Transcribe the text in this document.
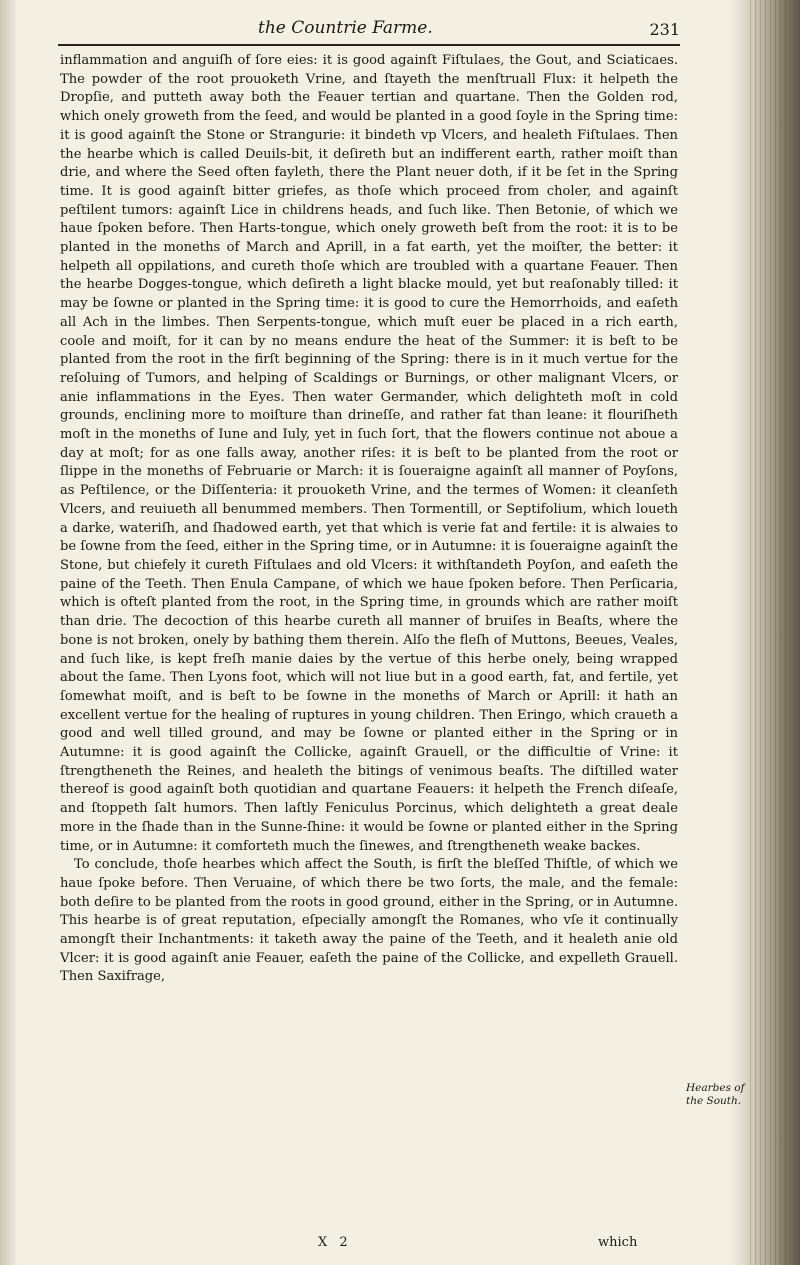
the Countrie Farme.	231

inflammation and anguiſh of ſore eies: it is good againſt Fiſtulaes, the Gout, and Sciaticaes. The powder of the root prouoketh Vrine, and ſtayeth the menſtruall Flux: it helpeth the Dropſie, and putteth away both the Feauer tertian and quartane. Then the Golden rod, which onely groweth from the ſeed, and would be planted in a good ſoyle in the Spring time: it is good againſt the Stone or Strangurie: it bindeth vp Vlcers, and healeth Fiſtulaes. Then the hearbe which is called Deuils-bit, it deſireth but an indifferent earth, rather moiſt than drie, and where the Seed often fayleth, there the Plant neuer doth, if it be ſet in the Spring time. It is good againſt bitter griefes, as thoſe which proceed from choler, and againſt peſtilent tumors: againſt Lice in childrens heads, and ſuch like. Then Betonie, of which we haue ſpoken before. Then Harts-tongue, which onely groweth beſt from the root: it is to be planted in the moneths of March and Aprill, in a fat earth, yet the moiſter, the better: it helpeth all oppilations, and cureth thoſe which are troubled with a quartane Feauer. Then the hearbe Dogges-tongue, which deſireth a light blacke mould, yet but reaſonably tilled: it may be ſowne or planted in the Spring time: it is good to cure the Hemorrhoids, and eaſeth all Ach in the limbes. Then Serpents-tongue, which muſt euer be placed in a rich earth, coole and moiſt, for it can by no means endure the heat of the Summer: it is beſt to be planted from the root in the firſt beginning of the Spring: there is in it much vertue for the reſoluing of Tumors, and helping of Scaldings or Burnings, or other malignant Vlcers, or anie inflammations in the Eyes. Then water Germander, which delighteth moſt in cold grounds, enclining more to moiſture than drineſſe, and rather fat than leane: it flouriſheth moſt in the moneths of Iune and Iuly, yet in ſuch ſort, that the flowers continue not aboue a day at moſt; for as one falls away, another riſes: it is beſt to be planted from the root or ſlippe in the moneths of Februarie or March: it is ſoueraigne againſt all manner of Poyſons, as Peſtilence, or the Diſſenteria: it prouoketh Vrine, and the termes of Women: it cleanſeth Vlcers, and reuiueth all benummed members. Then Tormentill, or Septifolium, which loueth a darke, wateriſh, and ſhadowed earth, yet that which is verie fat and fertile: it is alwaies to be ſowne from the ſeed, either in the Spring time, or in Autumne: it is ſoueraigne againſt the Stone, but chiefely it cureth Fiſtulaes and old Vlcers: it withſtandeth Poyſon, and eaſeth the paine of the Teeth. Then Enula Campane, of which we haue ſpoken before. Then Perſicaria, which is ofteſt planted from the root, in the Spring time, in grounds which are rather moiſt than drie. The decoction of this hearbe cureth all manner of bruiſes in Beaſts, where the bone is not broken, onely by bathing them therein. Alſo the fleſh of Muttons, Beeues, Veales, and ſuch like, is kept freſh manie daies by the vertue of this herbe onely, being wrapped about the ſame. Then Lyons foot, which will not liue but in a good earth, fat, and fertile, yet ſomewhat moiſt, and is beſt to be ſowne in the moneths of March or Aprill: it hath an excellent vertue for the healing of ruptures in young children. Then Eringo, which craueth a good and well tilled ground, and may be ſowne or planted either in the Spring or in Autumne: it is good againſt the Collicke, againſt Grauell, or the difficultie of Vrine: it ſtrengtheneth the Reines, and healeth the bitings of venimous beaſts. The diſtilled water thereof is good againſt both quotidian and quartane Feauers: it helpeth the French diſeaſe, and ſtoppeth ſalt humors. Then laſtly Feniculus Porcinus, which delighteth a great deale more in the ſhade than in the Sunne-ſhine: it would be ſowne or planted either in the Spring time, or in Autumne: it comforteth much the ſinewes, and ſtrengtheneth weake backes.

To conclude, thoſe hearbes which affect the South, is firſt the bleſſed Thiſtle, of which we haue ſpoke before. Then Veruaine, of which there be two ſorts, the male, and the female: both deſire to be planted from the roots in good ground, either in the Spring, or in Autumne. This hearbe is of great reputation, eſpecially amongſt the Romanes, who vſe it continually amongſt their Inchantments: it taketh away the paine of the Teeth, and it healeth anie old Vlcer: it is good againſt anie Feauer, eaſeth the paine of the Collicke, and expelleth Grauell. Then Saxifrage,

Hearbes of the South.
X 2	which
